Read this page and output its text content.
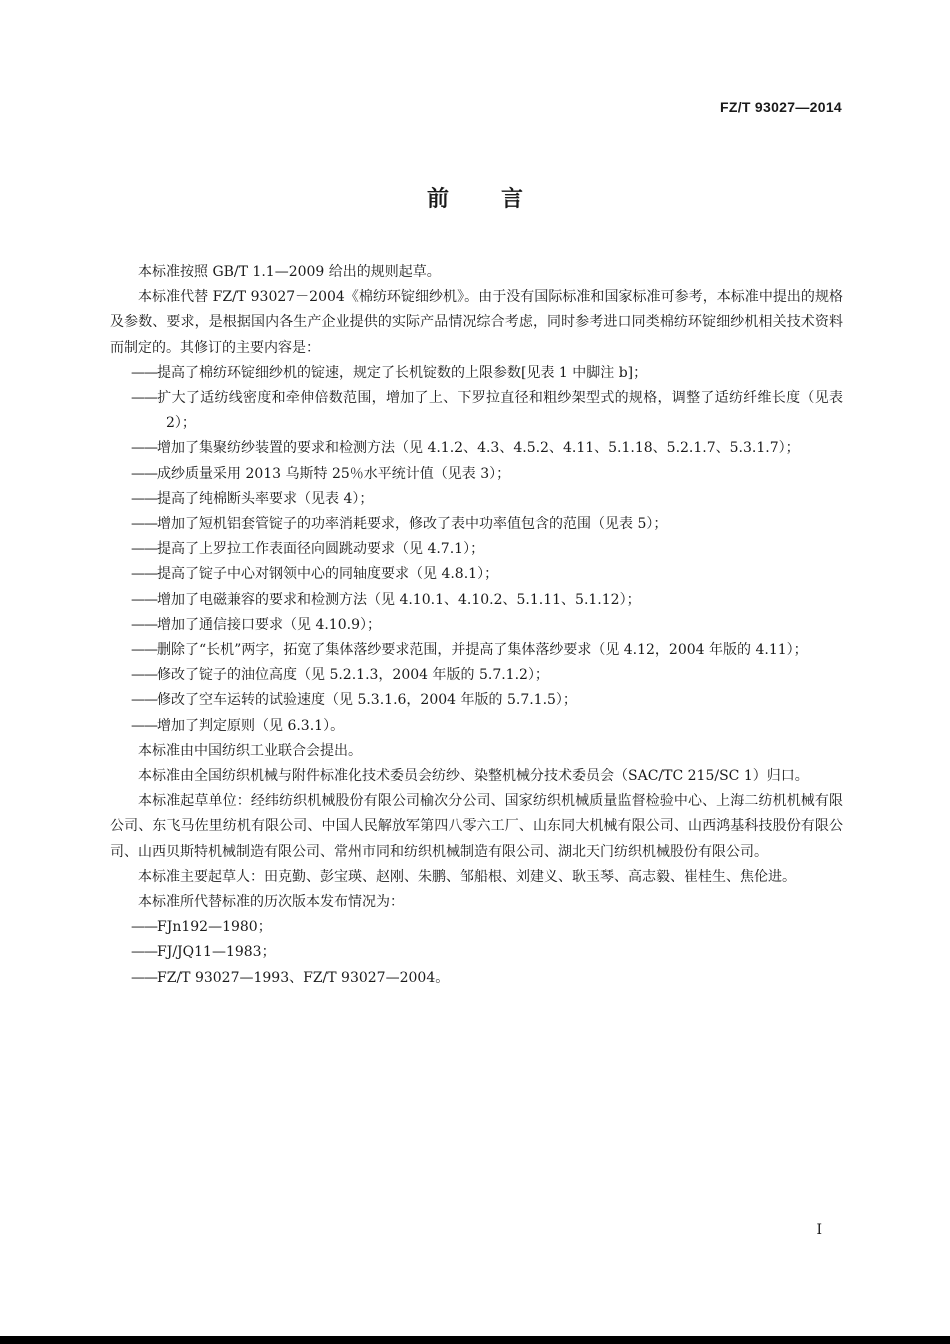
FZ/T 93027—2014
前言

本标准按照 GB/T 1.1—2009 给出的规则起草。

本标准代替 FZ/T 93027－2004《棉纺环锭细纱机》。由于没有国际标准和国家标准可参考，本标准中提出的规格及参数、要求，是根据国内各生产企业提供的实际产品情况综合考虑，同时参考进口同类棉纺环锭细纱机相关技术资料而制定的。其修订的主要内容是：

——提高了棉纺环锭细纱机的锭速，规定了长机锭数的上限参数[见表 1 中脚注 b]；

——扩大了适纺线密度和牵伸倍数范围，增加了上、下罗拉直径和粗纱架型式的规格，调整了适纺纤维长度（见表 2）；

——增加了集聚纺纱装置的要求和检测方法（见 4.1.2、4.3、4.5.2、4.11、5.1.18、5.2.1.7、5.3.1.7）；

——成纱质量采用 2013 乌斯特 25％水平统计值（见表 3）；

——提高了纯棉断头率要求（见表 4）；

——增加了短机铝套管锭子的功率消耗要求，修改了表中功率值包含的范围（见表 5）；

——提高了上罗拉工作表面径向圆跳动要求（见 4.7.1）；

——提高了锭子中心对钢领中心的同轴度要求（见 4.8.1）；

——增加了电磁兼容的要求和检测方法（见 4.10.1、4.10.2、5.1.11、5.1.12）；

——增加了通信接口要求（见 4.10.9）；

——删除了“长机”两字，拓宽了集体落纱要求范围，并提高了集体落纱要求（见 4.12，2004 年版的 4.11）；

——修改了锭子的油位高度（见 5.2.1.3，2004 年版的 5.7.1.2）；

——修改了空车运转的试验速度（见 5.3.1.6，2004 年版的 5.7.1.5）；

——增加了判定原则（见 6.3.1）。

本标准由中国纺织工业联合会提出。

本标准由全国纺织机械与附件标准化技术委员会纺纱、染整机械分技术委员会（SAC/TC 215/SC 1）归口。

本标准起草单位：经纬纺织机械股份有限公司榆次分公司、国家纺织机械质量监督检验中心、上海二纺机机械有限公司、东飞马佐里纺机有限公司、中国人民解放军第四八零六工厂、山东同大机械有限公司、山西鸿基科技股份有限公司、山西贝斯特机械制造有限公司、常州市同和纺织机械制造有限公司、湖北天门纺织机械股份有限公司。

本标准主要起草人：田克勤、彭宝瑛、赵刚、朱鹏、邹船根、刘建义、耿玉琴、高志毅、崔桂生、焦伦进。

本标准所代替标准的历次版本发布情况为：

——FJn192—1980；

——FJ/JQ11—1983；

——FZ/T 93027—1993、FZ/T 93027—2004。

I
